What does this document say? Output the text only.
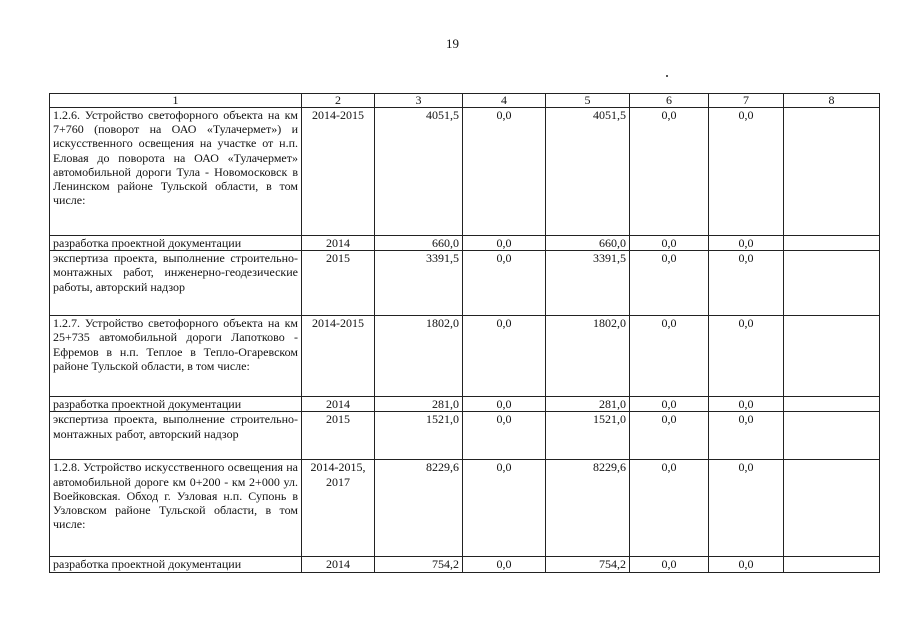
19
1	2	3	4	5	6	7	8
1.2.6. Устройство светофорного объекта на км 7+760 (поворот на ОАО «Тулачермет») и искусственного освещения на участке от н.п. Еловая до поворота на ОАО «Тулачермет» автомобильной дороги Тула - Новомосковск в Ленинском районе Тульской области, в том числе:	2014-2015	4051,5	0,0	4051,5	0,0	0,0	
разработка проектной документации	2014	660,0	0,0	660,0	0,0	0,0	
экспертиза проекта, выполнение строительно-монтажных работ, инженерно-геодезические работы, авторский надзор	2015	3391,5	0,0	3391,5	0,0	0,0	
1.2.7. Устройство светофорного объекта на км 25+735 автомобильной дороги Лапотково - Ефремов в н.п. Теплое в Тепло-Огаревском районе Тульской области, в том числе:	2014-2015	1802,0	0,0	1802,0	0,0	0,0	
разработка проектной документации	2014	281,0	0,0	281,0	0,0	0,0	
экспертиза проекта, выполнение строительно-монтажных работ, авторский надзор	2015	1521,0	0,0	1521,0	0,0	0,0	
1.2.8. Устройство искусственного освещения на автомобильной дороге км 0+200 - км 2+000 ул. Воейковская. Обход г. Узловая н.п. Супонь в Узловском районе Тульской области, в том числе:	2014-2015, 2017	8229,6	0,0	8229,6	0,0	0,0	
разработка проектной документации	2014	754,2	0,0	754,2	0,0	0,0	
